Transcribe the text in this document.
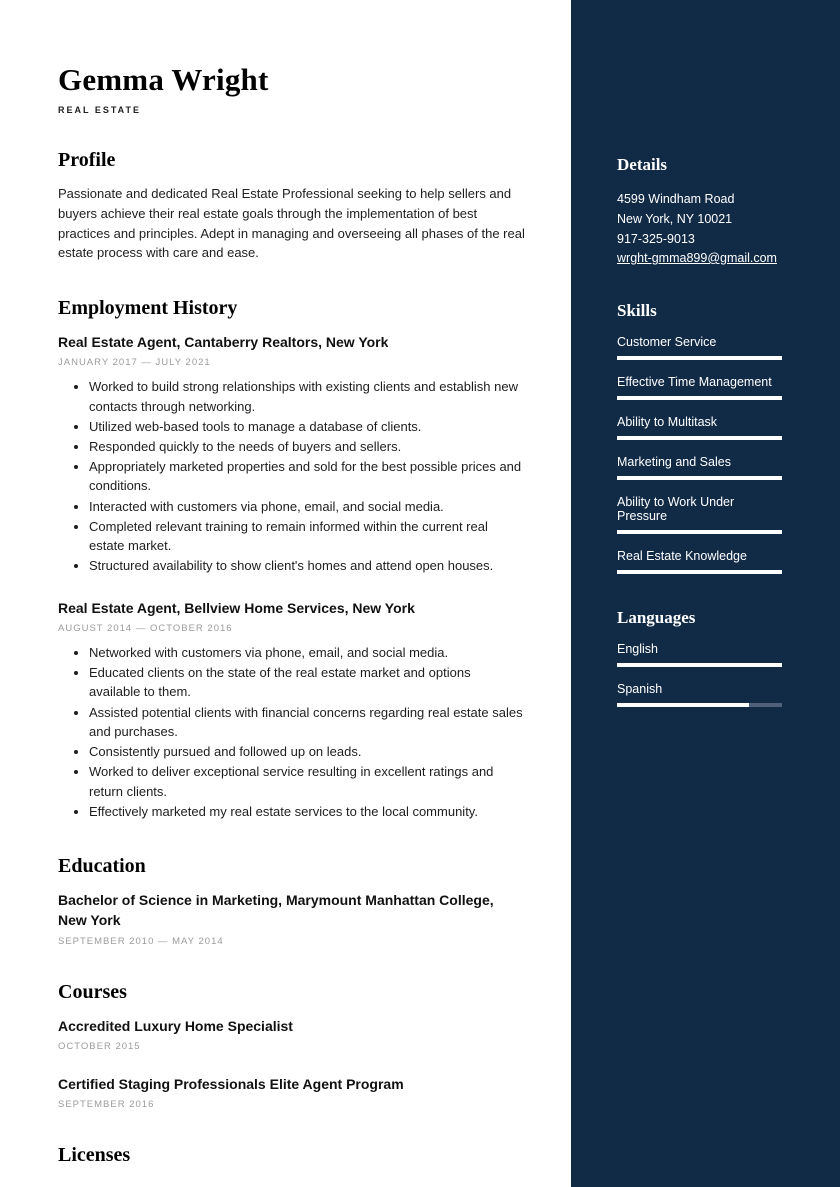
Gemma Wright
REAL ESTATE
Profile
Passionate and dedicated Real Estate Professional seeking to help sellers and buyers achieve their real estate goals through the implementation of best practices and principles. Adept in managing and overseeing all phases of the real estate process with care and ease.
Employment History
Real Estate Agent, Cantaberry Realtors, New York
JANUARY 2017 — JULY 2021
• Worked to build strong relationships with existing clients and establish new contacts through networking.
• Utilized web-based tools to manage a database of clients.
• Responded quickly to the needs of buyers and sellers.
• Appropriately marketed properties and sold for the best possible prices and conditions.
• Interacted with customers via phone, email, and social media.
• Completed relevant training to remain informed within the current real estate market.
• Structured availability to show client's homes and attend open houses.
Real Estate Agent, Bellview Home Services, New York
AUGUST 2014 — OCTOBER 2016
• Networked with customers via phone, email, and social media.
• Educated clients on the state of the real estate market and options available to them.
• Assisted potential clients with financial concerns regarding real estate sales and purchases.
• Consistently pursued and followed up on leads.
• Worked to deliver exceptional service resulting in excellent ratings and return clients.
• Effectively marketed my real estate services to the local community.
Education
Bachelor of Science in Marketing, Marymount Manhattan College, New York
SEPTEMBER 2010 — MAY 2014
Courses
Accredited Luxury Home Specialist
OCTOBER 2015
Certified Staging Professionals Elite Agent Program
SEPTEMBER 2016
Licenses
Details
4599 Windham Road
New York, NY 10021
917-325-9013
wrght-gmma899@gmail.com
Skills
Customer Service
Effective Time Management
Ability to Multitask
Marketing and Sales
Ability to Work Under Pressure
Real Estate Knowledge
Languages
English
Spanish
